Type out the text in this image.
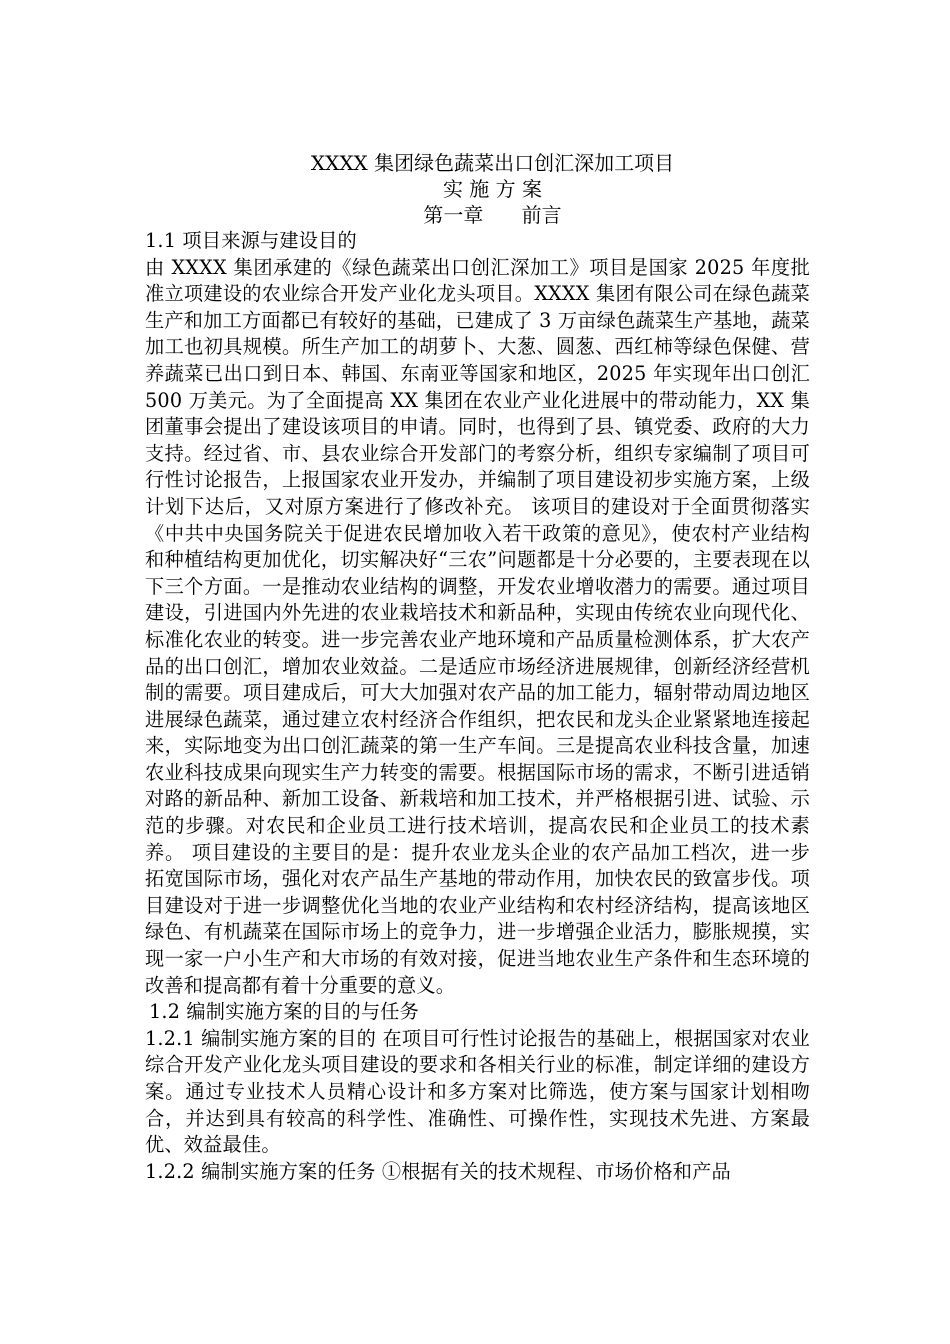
XXXX 集团绿色蔬菜出口创汇深加工项目
实 施 方 案
第一章      前言
1.1 项目来源与建设目的
由 XXXX 集团承建的《绿色蔬菜出口创汇深加工》项目是国家 2025 年度批准立项建设的农业综合开发产业化龙头项目。XXXX 集团有限公司在绿色蔬菜生产和加工方面都已有较好的基础，已建成了 3 万亩绿色蔬菜生产基地，蔬菜加工也初具规模。所生产加工的胡萝卜、大葱、圆葱、西红柿等绿色保健、营养蔬菜已出口到日本、韩国、东南亚等国家和地区，2025 年实现年出口创汇 500 万美元。为了全面提高 XX 集团在农业产业化进展中的带动能力，XX 集团董事会提出了建设该项目的申请。同时，也得到了县、镇党委、政府的大力支持。经过省、市、县农业综合开发部门的考察分析，组织专家编制了项目可行性讨论报告，上报国家农业开发办，并编制了项目建设初步实施方案，上级计划下达后，又对原方案进行了修改补充。 该项目的建设对于全面贯彻落实《中共中央国务院关于促进农民增加收入若干政策的意见》，使农村产业结构和种植结构更加优化，切实解决好“三农”问题都是十分必要的，主要表现在以下三个方面。一是推动农业结构的调整，开发农业增收潜力的需要。通过项目建设，引进国内外先进的农业栽培技术和新品种，实现由传统农业向现代化、标准化农业的转变。进一步完善农业产地环境和产品质量检测体系，扩大农产品的出口创汇，增加农业效益。二是适应市场经济进展规律，创新经济经营机制的需要。项目建成后，可大大加强对农产品的加工能力，辐射带动周边地区进展绿色蔬菜，通过建立农村经济合作组织，把农民和龙头企业紧紧地连接起来，实际地变为出口创汇蔬菜的第一生产车间。三是提高农业科技含量，加速农业科技成果向现实生产力转变的需要。根据国际市场的需求，不断引进适销对路的新品种、新加工设备、新栽培和加工技术，并严格根据引进、试验、示范的步骤。对农民和企业员工进行技术培训，提高农民和企业员工的技术素养。 项目建设的主要目的是：提升农业龙头企业的农产品加工档次，进一步拓宽国际市场，强化对农产品生产基地的带动作用，加快农民的致富步伐。项目建设对于进一步调整优化当地的农业产业结构和农村经济结构，提高该地区绿色、有机蔬菜在国际市场上的竞争力，进一步增强企业活力，膨胀规摸，实现一家一户小生产和大市场的有效对接，促进当地农业生产条件和生态环境的改善和提高都有着十分重要的意义。
1.2 编制实施方案的目的与任务
1.2.1 编制实施方案的目的 在项目可行性讨论报告的基础上，根据国家对农业综合开发产业化龙头项目建设的要求和各相关行业的标准，制定详细的建设方案。通过专业技术人员精心设计和多方案对比筛选，使方案与国家计划相吻合，并达到具有较高的科学性、准确性、可操作性，实现技术先进、方案最优、效益最佳。
1.2.2 编制实施方案的任务 ①根据有关的技术规程、市场价格和产品
